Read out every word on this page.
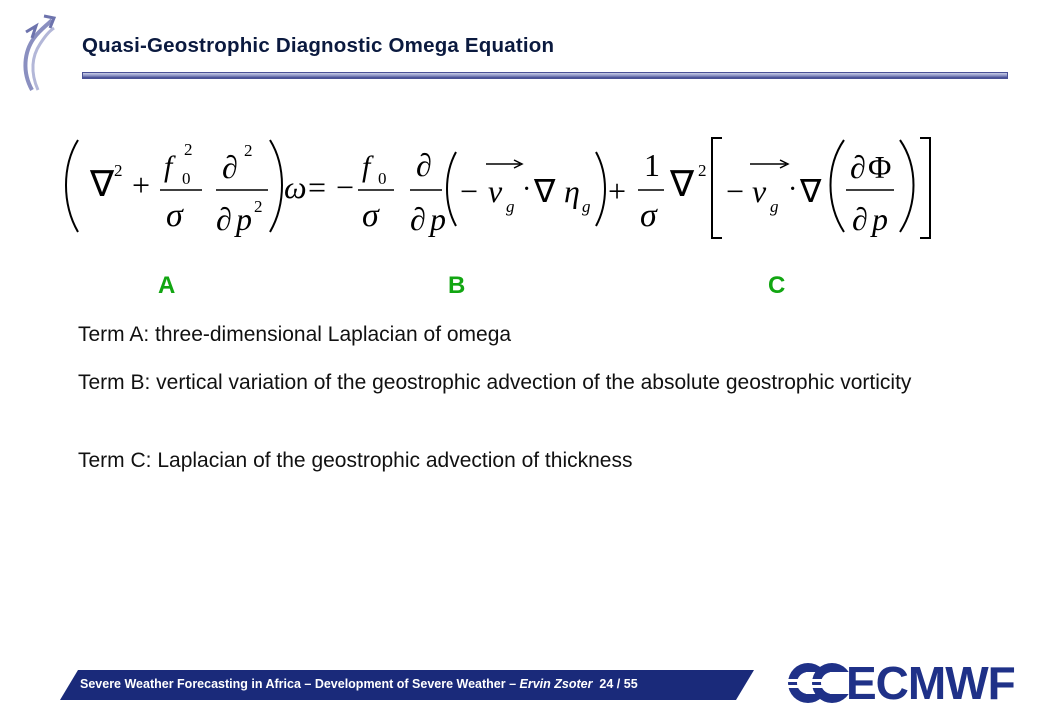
Quasi-Geostrophic Diagnostic Omega Equation
∇ 2 +
f
2
0
σ
∂ 2
∂ p 2
ω = −
f 0
σ
∂
∂ p
− v g
· ∇ η g +
1
σ
∇ 2
− v g
· ∇
∂ Φ
∂ p
A	B	C
Term A: three-dimensional Laplacian of omega
Term B: vertical variation of the geostrophic advection of the absolute geostrophic vorticity
Term C: Laplacian of the geostrophic advection of thickness
Severe Weather Forecasting in Africa – Development of Severe Weather – Ervin Zsoter 24 / 55	ECMWF
